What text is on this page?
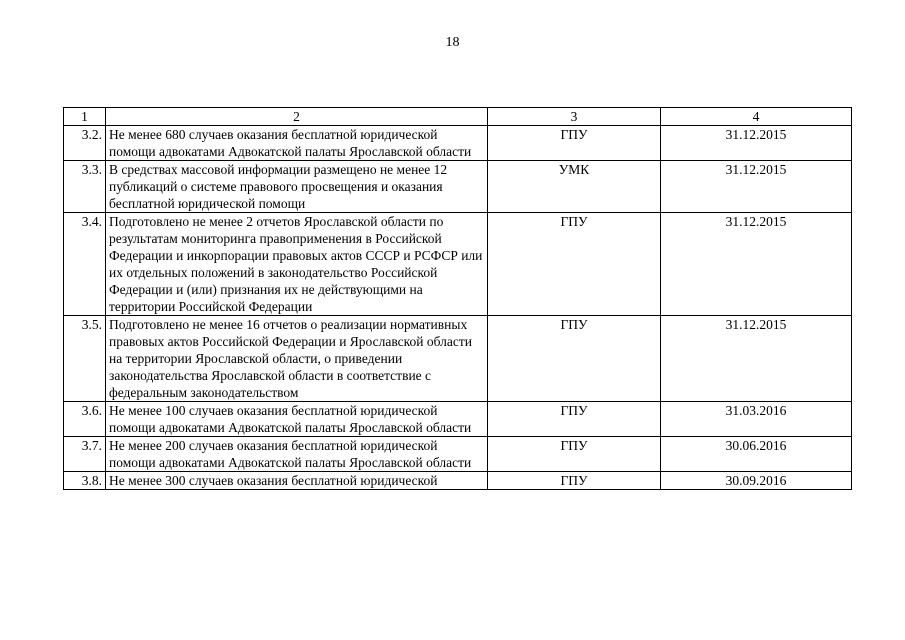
18
1	2	3	4
3.2.	Не менее 680 случаев оказания бесплатной юридической помощи адвокатами Адвокатской палаты Ярославской области	ГПУ	31.12.2015
3.3.	В средствах массовой информации размещено не менее 12 публикаций о системе правового просвещения и оказания бесплатной юридической помощи	УМК	31.12.2015
3.4.	Подготовлено не менее 2 отчетов Ярославской области по результатам мониторинга правоприменения в Российской Федерации и инкорпорации правовых актов СССР и РСФСР или их отдельных положений в законодательство Российской Федерации и (или) признания их не действующими на территории Российской Федерации	ГПУ	31.12.2015
3.5.	Подготовлено не менее 16 отчетов о реализации нормативных правовых актов Российской Федерации и Ярославской области на территории Ярославской области, о приведении законодательства Ярославской области в соответствие с федеральным законодательством	ГПУ	31.12.2015
3.6.	Не менее 100 случаев оказания бесплатной юридической помощи адвокатами Адвокатской палаты Ярославской области	ГПУ	31.03.2016
3.7.	Не менее 200 случаев оказания бесплатной юридической помощи адвокатами Адвокатской палаты Ярославской области	ГПУ	30.06.2016
3.8.	Не менее 300 случаев оказания бесплатной юридической	ГПУ	30.09.2016
